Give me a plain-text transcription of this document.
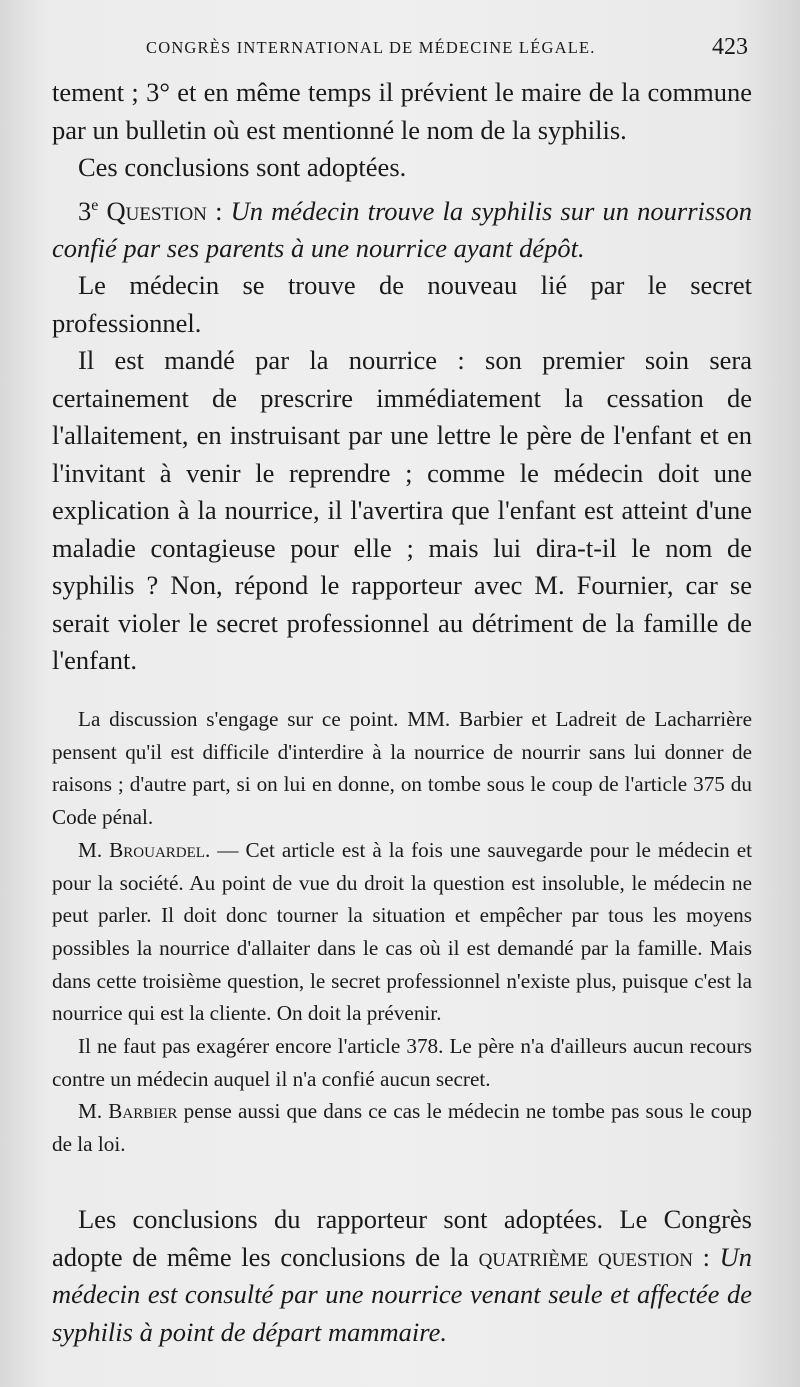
CONGRÈS INTERNATIONAL DE MÉDECINE LÉGALE.	423

tement ; 3° et en même temps il prévient le maire de la commune par un bulletin où est mentionné le nom de la syphilis.

Ces conclusions sont adoptées.

3e Question : Un médecin trouve la syphilis sur un nourrisson confié par ses parents à une nourrice ayant dépôt.

Le médecin se trouve de nouveau lié par le secret professionnel.

Il est mandé par la nourrice : son premier soin sera certainement de prescrire immédiatement la cessation de l'allaitement, en instruisant par une lettre le père de l'enfant et en l'invitant à venir le reprendre ; comme le médecin doit une explication à la nourrice, il l'avertira que l'enfant est atteint d'une maladie contagieuse pour elle ; mais lui dira-t-il le nom de syphilis ? Non, répond le rapporteur avec M. Fournier, car se serait violer le secret professionnel au détriment de la famille de l'enfant.

La discussion s'engage sur ce point. MM. Barbier et Ladreit de Lacharrière pensent qu'il est difficile d'interdire à la nourrice de nourrir sans lui donner de raisons ; d'autre part, si on lui en donne, on tombe sous le coup de l'article 375 du Code pénal.

M. Brouardel. — Cet article est à la fois une sauvegarde pour le médecin et pour la société. Au point de vue du droit la question est insoluble, le médecin ne peut parler. Il doit donc tourner la situation et empêcher par tous les moyens possibles la nourrice d'allaiter dans le cas où il est demandé par la famille. Mais dans cette troisième question, le secret professionnel n'existe plus, puisque c'est la nourrice qui est la cliente. On doit la prévenir.

Il ne faut pas exagérer encore l'article 378. Le père n'a d'ailleurs aucun recours contre un médecin auquel il n'a confié aucun secret.

M. Barbier pense aussi que dans ce cas le médecin ne tombe pas sous le coup de la loi.

Les conclusions du rapporteur sont adoptées. Le Congrès adopte de même les conclusions de la quatrième question : Un médecin est consulté par une nourrice venant seule et affectée de syphilis à point de départ mammaire.
